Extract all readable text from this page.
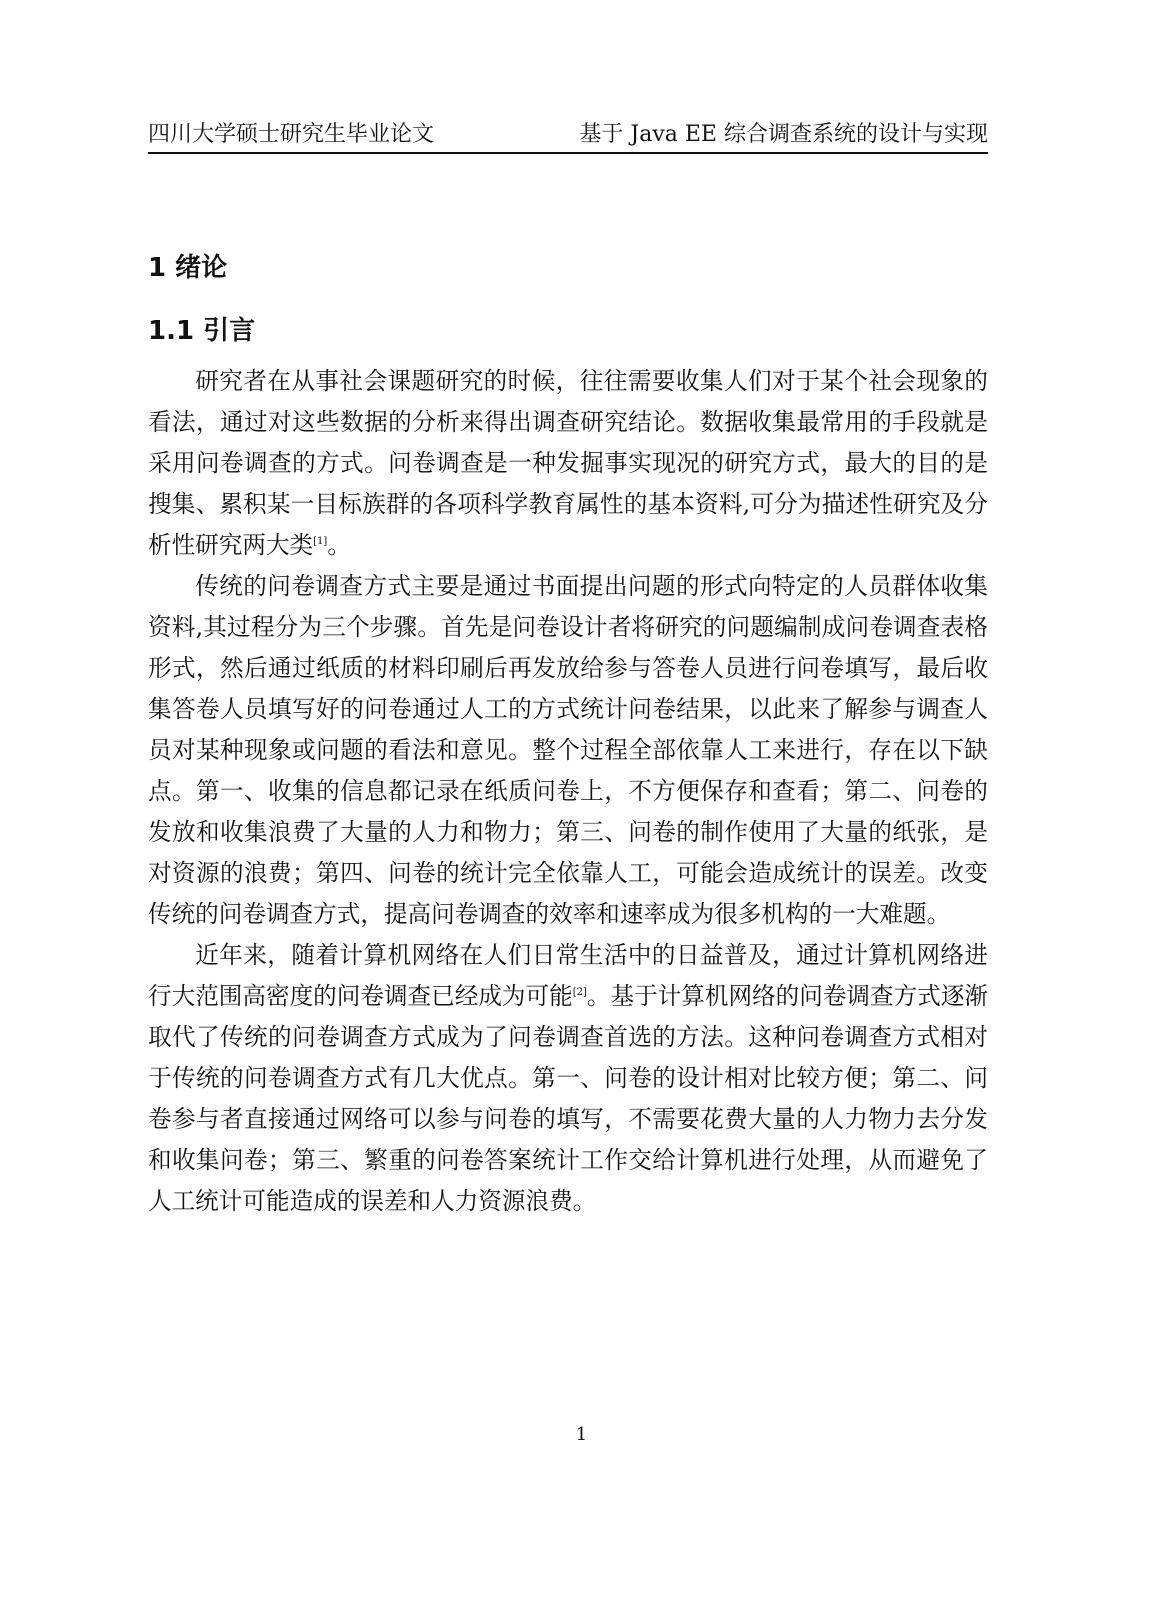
四川大学硕士研究生毕业论文	基于 Java EE 综合调查系统的设计与实现
1 绪论
1.1 引言

研究者在从事社会课题研究的时候，往往需要收集人们对于某个社会现象的看法，通过对这些数据的分析来得出调查研究结论。数据收集最常用的手段就是采用问卷调查的方式。问卷调查是一种发掘事实现况的研究方式，最大的目的是搜集、累积某一目标族群的各项科学教育属性的基本资料,可分为描述性研究及分析性研究两大类[1]。

传统的问卷调查方式主要是通过书面提出问题的形式向特定的人员群体收集资料,其过程分为三个步骤。首先是问卷设计者将研究的问题编制成问卷调查表格形式，然后通过纸质的材料印刷后再发放给参与答卷人员进行问卷填写，最后收集答卷人员填写好的问卷通过人工的方式统计问卷结果，以此来了解参与调查人员对某种现象或问题的看法和意见。整个过程全部依靠人工来进行，存在以下缺点。第一、收集的信息都记录在纸质问卷上，不方便保存和查看；第二、问卷的发放和收集浪费了大量的人力和物力；第三、问卷的制作使用了大量的纸张，是对资源的浪费；第四、问卷的统计完全依靠人工，可能会造成统计的误差。改变传统的问卷调查方式，提高问卷调查的效率和速率成为很多机构的一大难题。

近年来，随着计算机网络在人们日常生活中的日益普及，通过计算机网络进行大范围高密度的问卷调查已经成为可能[2]。基于计算机网络的问卷调查方式逐渐取代了传统的问卷调查方式成为了问卷调查首选的方法。这种问卷调查方式相对于传统的问卷调查方式有几大优点。第一、问卷的设计相对比较方便；第二、问卷参与者直接通过网络可以参与问卷的填写，不需要花费大量的人力物力去分发和收集问卷；第三、繁重的问卷答案统计工作交给计算机进行处理，从而避免了人工统计可能造成的误差和人力资源浪费。

1
